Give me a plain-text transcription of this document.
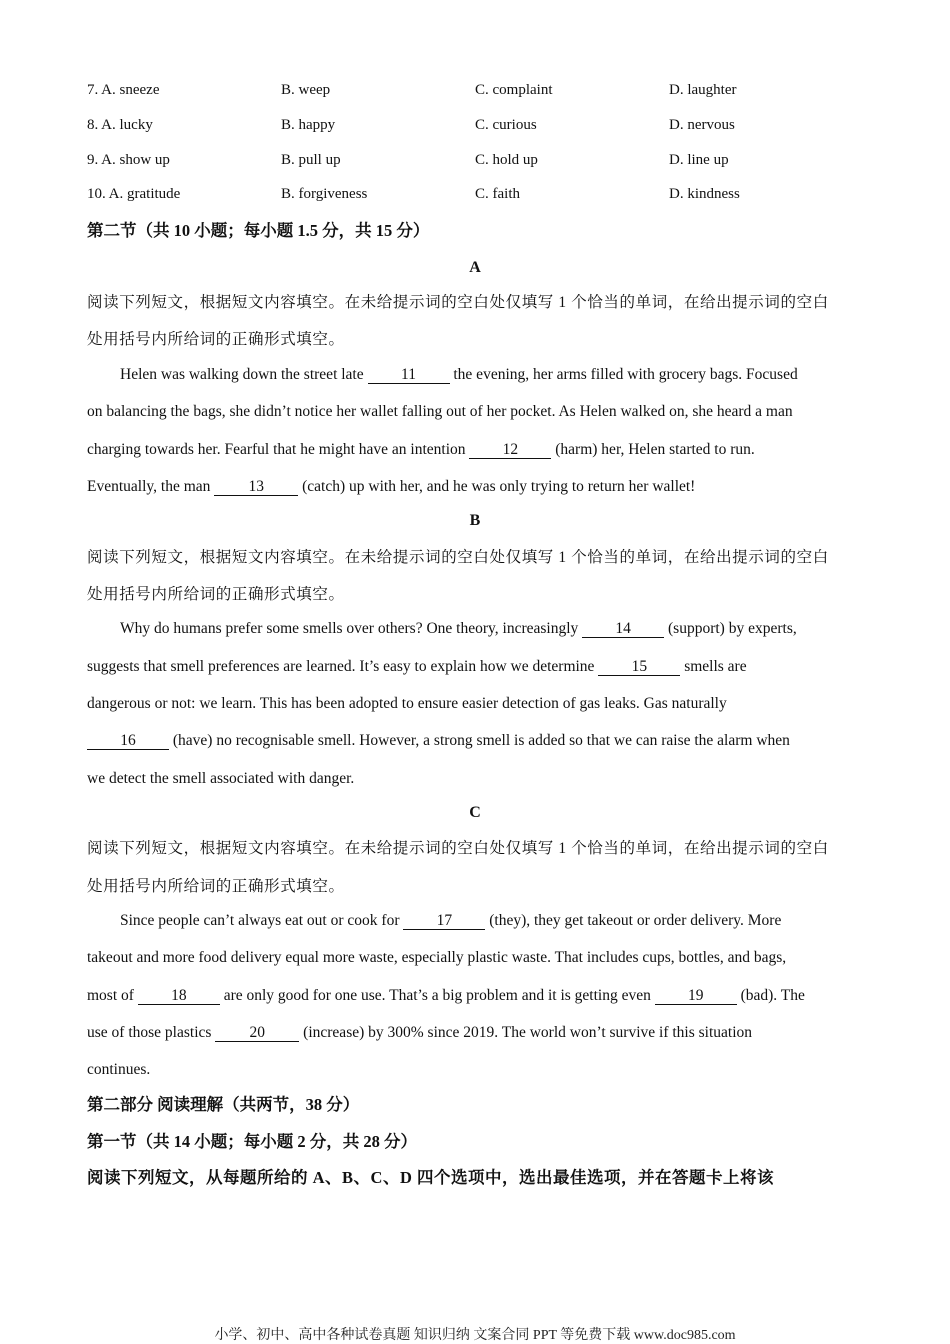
7. A. sneeze	B. weep	C. complaint	D. laughter
8. A. lucky	B. happy	C. curious	D. nervous
9. A. show up	B. pull up	C. hold up	D. line up
10. A. gratitude	B. forgiveness	C. faith	D. kindness
第二节（共 10 小题；每小题 1.5 分，共 15 分）
A
阅读下列短文，根据短文内容填空。在未给提示词的空白处仅填写 1 个恰当的单词，在给出提示词的空白
处用括号内所给词的正确形式填空。
Helen was walking down the street late 11 the evening, her arms filled with grocery bags. Focused
on balancing the bags, she didn’t notice her wallet falling out of her pocket. As Helen walked on, she heard a man
charging towards her. Fearful that he might have an intention 12 (harm) her, Helen started to run.
Eventually, the man 13 (catch) up with her, and he was only trying to return her wallet!
B
阅读下列短文，根据短文内容填空。在未给提示词的空白处仅填写 1 个恰当的单词，在给出提示词的空白
处用括号内所给词的正确形式填空。
Why do humans prefer some smells over others? One theory, increasingly 14 (support) by experts,
suggests that smell preferences are learned. It’s easy to explain how we determine 15 smells are
dangerous or not: we learn. This has been adopted to ensure easier detection of gas leaks. Gas naturally
16 (have) no recognisable smell. However, a strong smell is added so that we can raise the alarm when
we detect the smell associated with danger.
C
阅读下列短文，根据短文内容填空。在未给提示词的空白处仅填写 1 个恰当的单词，在给出提示词的空白
处用括号内所给词的正确形式填空。
Since people can’t always eat out or cook for 17 (they), they get takeout or order delivery. More
takeout and more food delivery equal more waste, especially plastic waste. That includes cups, bottles, and bags,
most of 18 are only good for one use. That’s a big problem and it is getting even 19 (bad). The
use of those plastics 20 (increase) by 300% since 2019. The world won’t survive if this situation
continues.
第二部分 阅读理解（共两节，38 分）
第一节（共 14 小题；每小题 2 分，共 28 分）
阅读下列短文，从每题所给的 A、B、C、D 四个选项中，选出最佳选项，并在答题卡上将该
小学、初中、高中各种试卷真题 知识归纳 文案合同 PPT 等免费下载 www.doc985.com
